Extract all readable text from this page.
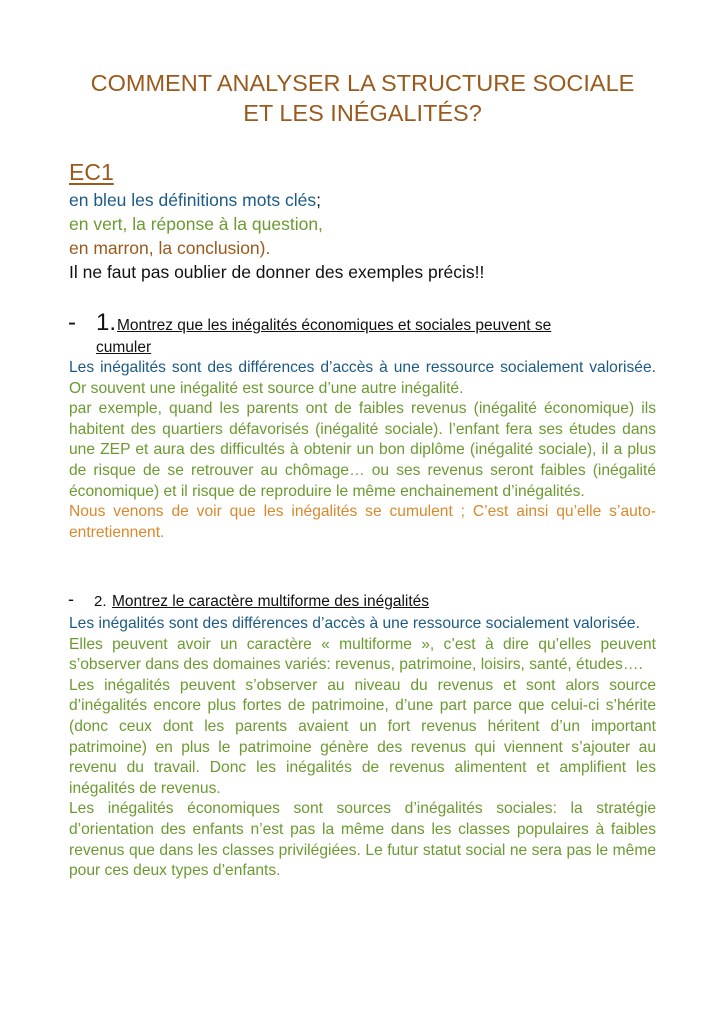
COMMENT ANALYSER LA STRUCTURE SOCIALE
ET LES INÉGALITÉS?
EC1
en bleu les définitions mots clés;
en vert, la réponse à la question,
en marron, la conclusion).
Il ne faut pas oublier de donner des exemples précis!!
- 1. Montrez que les inégalités économiques et sociales peuvent se
cumuler

Les inégalités sont des différences d’accès à une ressource socialement valorisée. Or souvent une inégalité est source d’une autre inégalité.

par exemple, quand les parents ont de faibles revenus (inégalité économique) ils habitent des quartiers défavorisés (inégalité sociale). l’enfant fera ses études dans une ZEP et aura des difficultés à obtenir un bon diplôme (inégalité sociale), il a plus de risque de se retrouver au chômage… ou ses revenus seront faibles (inégalité économique) et il risque de reproduire le même enchainement d’inégalités.

Nous venons de voir que les inégalités se cumulent ; C’est ainsi qu’elle s’auto-entretiennent.

- 2. Montrez le caractère multiforme des inégalités

Les inégalités sont des différences d’accès à une ressource socialement valorisée.

Elles peuvent avoir un caractère « multiforme », c’est à dire qu’elles peuvent s’observer dans des domaines variés: revenus, patrimoine, loisirs, santé, études….

Les inégalités peuvent s’observer au niveau du revenus et sont alors source d’inégalités encore plus fortes de patrimoine, d’une part parce que celui-ci s’hérite (donc ceux dont les parents avaient un fort revenus héritent d’un important patrimoine) en plus le patrimoine génère des revenus qui viennent s’ajouter au revenu du travail. Donc les inégalités de revenus alimentent et amplifient les inégalités de revenus.

Les inégalités économiques sont sources d’inégalités sociales: la stratégie d’orientation des enfants n’est pas la même dans les classes populaires à faibles revenus que dans les classes privilégiées. Le futur statut social ne sera pas le même pour ces deux types d’enfants.
